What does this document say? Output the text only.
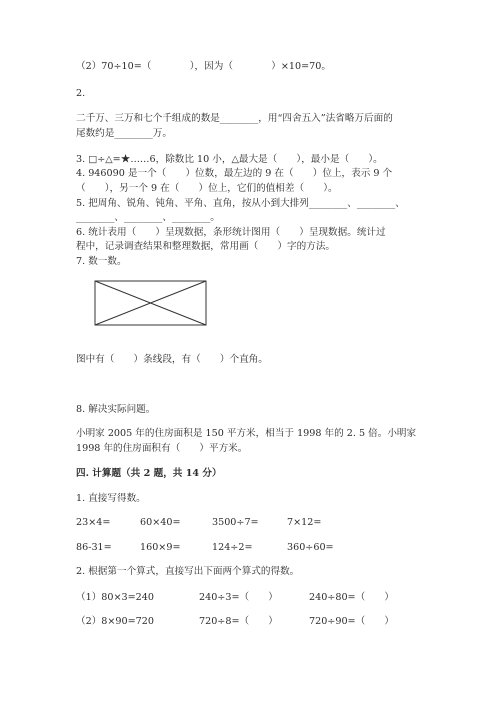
（2）70÷10=（　　　　），因为（　　　　）×10=70。
2.
二千万、三万和七个千组成的数是________，用“四舍五入”法省略万后面的
尾数约是________万。
3. □÷△=★……6，除数比 10 小，△最大是（　　），最小是（　　）。
4. 946090 是一个（　　）位数，最左边的 9 在（　　）位上，表示 9 个
（　　），另一个 9 在（　　）位上，它们的值相差（　　）。
5. 把周角、锐角、钝角、平角、直角，按从小到大排列________、________、
________、________、________。
6. 统计表用（　　）呈现数据，条形统计图用（　　）呈现数据。统计过
程中，记录调查结果和整理数据，常用画（　　）字的方法。
7. 数一数。
图中有（　　）条线段，有（　　）个直角。
8. 解决实际问题。
小明家 2005 年的住房面积是 150 平方米，相当于 1998 年的 2. 5 倍。小明家
1998 年的住房面积有（　　）平方米。
四. 计算题（共 2 题，共 14 分）
1. 直接写得数。
23×4=	60×40=	3500÷7=	7×12=
86-31=	160×9=	124÷2=	360÷60=
2. 根据第一个算式，直接写出下面两个算式的得数。
（1）80×3=240	240÷3=（　　）	240÷80=（　　）
（2）8×90=720	720÷8=（　　）	720÷90=（　　）
